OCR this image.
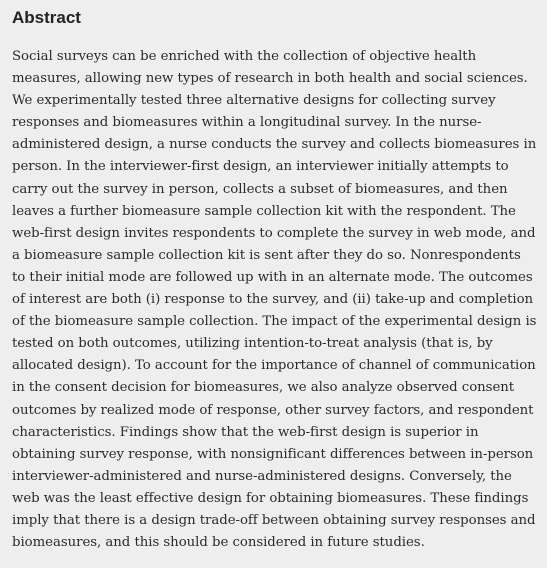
Abstract

Social surveys can be enriched with the collection of objective health measures, allowing new types of research in both health and social sciences. We experimentally tested three alternative designs for collecting survey responses and biomeasures within a longitudinal survey. In the nurse-administered design, a nurse conducts the survey and collects biomeasures in person. In the interviewer-first design, an interviewer initially attempts to carry out the survey in person, collects a subset of biomeasures, and then leaves a further biomeasure sample collection kit with the respondent. The web-first design invites respondents to complete the survey in web mode, and a biomeasure sample collection kit is sent after they do so. Nonrespondents to their initial mode are followed up with in an alternate mode. The outcomes of interest are both (i) response to the survey, and (ii) take-up and completion of the biomeasure sample collection. The impact of the experimental design is tested on both outcomes, utilizing intention-to-treat analysis (that is, by allocated design). To account for the importance of channel of communication in the consent decision for biomeasures, we also analyze observed consent outcomes by realized mode of response, other survey factors, and respondent characteristics. Findings show that the web-first design is superior in obtaining survey response, with nonsignificant differences between in-person interviewer-administered and nurse-administered designs. Conversely, the web was the least effective design for obtaining biomeasures. These findings imply that there is a design trade-off between obtaining survey responses and biomeasures, and this should be considered in future studies.
